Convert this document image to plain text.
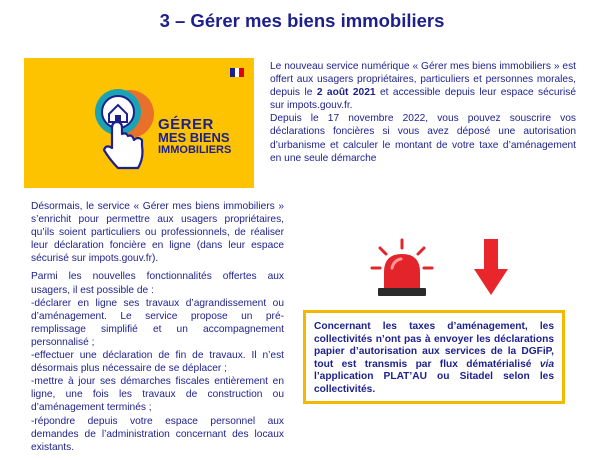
3 – Gérer mes biens immobiliers
GÉRER
MES BIENS
IMMOBILIERS

Le nouveau service numérique « Gérer mes biens immobiliers » est offert aux usagers propriétaires, particuliers et personnes morales, depuis le 2 août 2021 et accessible depuis leur espace sécurisé sur impots.gouv.fr.

Depuis le 17 novembre 2022, vous pouvez souscrire vos déclarations foncières si vous avez déposé une autorisation d’urbanisme et calculer le montant de votre taxe d’aménagement en une seule démarche

Désormais, le service « Gérer mes biens immobiliers » s’enrichit pour permettre aux usagers propriétaires, qu’ils soient particuliers ou professionnels, de réaliser leur déclaration foncière en ligne (dans leur espace sécurisé sur impots.gouv.fr).

Parmi les nouvelles fonctionnalités offertes aux usagers, il est possible de :

-déclarer en ligne ses travaux d’agrandissement ou d’aménagement. Le service propose un pré-remplissage simplifié et un accompagnement personnalisé ;
-effectuer une déclaration de fin de travaux. Il n’est désormais plus nécessaire de se déplacer ;
-mettre à jour ses démarches fiscales entièrement en ligne, une fois les travaux de construction ou d’aménagement terminés ;
-répondre depuis votre espace personnel aux demandes de l’administration concernant des locaux existants.
Concernant les taxes d’aménagement, les collectivités n’ont pas à envoyer les déclarations papier d’autorisation aux services de la DGFiP, tout est transmis par flux dématérialisé via l’application PLAT’AU ou Sitadel selon les collectivités.
